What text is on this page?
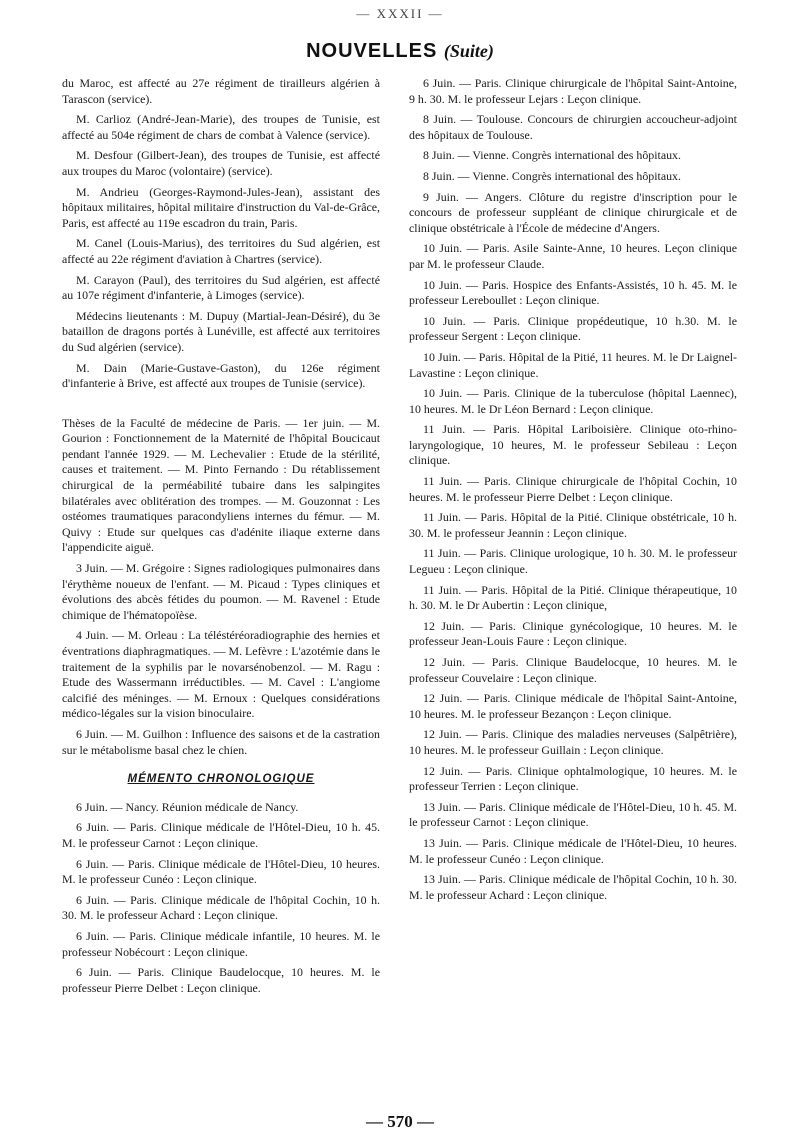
— XXXII —
NOUVELLES (Suite)

du Maroc, est affecté au 27e régiment de tirailleurs algérien à Tarascon (service).

M. Carlioz (André-Jean-Marie), des troupes de Tunisie, est affecté au 504e régiment de chars de combat à Valence (service).

M. Desfour (Gilbert-Jean), des troupes de Tunisie, est affecté aux troupes du Maroc (volontaire) (service).

M. Andrieu (Georges-Raymond-Jules-Jean), assistant des hôpitaux militaires, hôpital militaire d'instruction du Val-de-Grâce, Paris, est affecté au 119e escadron du train, Paris.

M. Canel (Louis-Marius), des territoires du Sud algérien, est affecté au 22e régiment d'aviation à Chartres (service).

M. Carayon (Paul), des territoires du Sud algérien, est affecté au 107e régiment d'infanterie, à Limoges (service).

Médecins lieutenants : M. Dupuy (Martial-Jean-Désiré), du 3e bataillon de dragons portés à Lunéville, est affecté aux territoires du Sud algérien (service).

M. Dain (Marie-Gustave-Gaston), du 126e régiment d'infanterie à Brive, est affecté aux troupes de Tunisie (service).

Thèses de la Faculté de médecine de Paris. — 1er juin. — M. Gourion : Fonctionnement de la Maternité de l'hôpital Boucicaut pendant l'année 1929. — M. Lechevalier : Etude de la stérilité, causes et traitement. — M. Pinto Fernando : Du rétablissement chirurgical de la perméabilité tubaire dans les salpingites bilatérales avec oblitération des trompes. — M. Gouzonnat : Les ostéomes traumatiques paracondyliens internes du fémur. — M. Quivy : Etude sur quelques cas d'adénite iliaque externe dans l'appendicite aiguë.

3 Juin. — M. Grégoire : Signes radiologiques pulmonaires dans l'érythème noueux de l'enfant. — M. Picaud : Types cliniques et évolutions des abcès fétides du poumon. — M. Ravenel : Etude chimique de l'hématopoïèse.

4 Juin. — M. Orleau : La téléstéréoradiographie des hernies et éventrations diaphragmatiques. — M. Lefèvre : L'azotémie dans le traitement de la syphilis par le novarsénobenzol. — M. Ragu : Etude des Wassermann irréductibles. — M. Cavel : L'angiome calcifié des méninges. — M. Ernoux : Quelques considérations médico-légales sur la vision binoculaire.

6 Juin. — M. Guilhon : Influence des saisons et de la castration sur le métabolisme basal chez le chien.

MÉMENTO CHRONOLOGIQUE

6 Juin. — Nancy. Réunion médicale de Nancy.

6 Juin. — Paris. Clinique médicale de l'Hôtel-Dieu, 10 h. 45. M. le professeur Carnot : Leçon clinique.

6 Juin. — Paris. Clinique médicale de l'Hôtel-Dieu, 10 heures. M. le professeur Cunéo : Leçon clinique.

6 Juin. — Paris. Clinique médicale de l'hôpital Cochin, 10 h. 30. M. le professeur Achard : Leçon clinique.

6 Juin. — Paris. Clinique médicale infantile, 10 heures. M. le professeur Nobécourt : Leçon clinique.

6 Juin. — Paris. Clinique Baudelocque, 10 heures. M. le professeur Pierre Delbet : Leçon clinique.

6 Juin. — Paris. Clinique chirurgicale de l'hôpital Saint-Antoine, 9 h. 30. M. le professeur Lejars : Leçon clinique.

8 Juin. — Toulouse. Concours de chirurgien accoucheur-adjoint des hôpitaux de Toulouse.

8 Juin. — Vienne. Congrès international des hôpitaux.

8 Juin. — Vienne. Congrès international des hôpitaux.

9 Juin. — Angers. Clôture du registre d'inscription pour le concours de professeur suppléant de clinique chirurgicale et de clinique obstétricale à l'École de médecine d'Angers.

10 Juin. — Paris. Asile Sainte-Anne, 10 heures. Leçon clinique par M. le professeur Claude.

10 Juin. — Paris. Hospice des Enfants-Assistés, 10 h. 45. M. le professeur Lereboullet : Leçon clinique.

10 Juin. — Paris. Clinique propédeutique, 10 h.30. M. le professeur Sergent : Leçon clinique.

10 Juin. — Paris. Hôpital de la Pitié, 11 heures. M. le Dr Laignel-Lavastine : Leçon clinique.

10 Juin. — Paris. Clinique de la tuberculose (hôpital Laennec), 10 heures. M. le Dr Léon Bernard : Leçon clinique.

11 Juin. — Paris. Hôpital Lariboisière. Clinique oto-rhino-laryngologique, 10 heures, M. le professeur Sebileau : Leçon clinique.

11 Juin. — Paris. Clinique chirurgicale de l'hôpital Cochin, 10 heures. M. le professeur Pierre Delbet : Leçon clinique.

11 Juin. — Paris. Hôpital de la Pitié. Clinique obstétricale, 10 h. 30. M. le professeur Jeannin : Leçon clinique.

11 Juin. — Paris. Clinique urologique, 10 h. 30. M. le professeur Legueu : Leçon clinique.

11 Juin. — Paris. Hôpital de la Pitié. Clinique thérapeutique, 10 h. 30. M. le Dr Aubertin : Leçon clinique,

12 Juin. — Paris. Clinique gynécologique, 10 heures. M. le professeur Jean-Louis Faure : Leçon clinique.

12 Juin. — Paris. Clinique Baudelocque, 10 heures. M. le professeur Couvelaire : Leçon clinique.

12 Juin. — Paris. Clinique médicale de l'hôpital Saint-Antoine, 10 heures. M. le professeur Bezançon : Leçon clinique.

12 Juin. — Paris. Clinique des maladies nerveuses (Salpêtrière), 10 heures. M. le professeur Guillain : Leçon clinique.

12 Juin. — Paris. Clinique ophtalmologique, 10 heures. M. le professeur Terrien : Leçon clinique.

13 Juin. — Paris. Clinique médicale de l'Hôtel-Dieu, 10 h. 45. M. le professeur Carnot : Leçon clinique.

13 Juin. — Paris. Clinique médicale de l'Hôtel-Dieu, 10 heures. M. le professeur Cunéo : Leçon clinique.

13 Juin. — Paris. Clinique médicale de l'hôpital Cochin, 10 h. 30. M. le professeur Achard : Leçon clinique.

— 570 —
